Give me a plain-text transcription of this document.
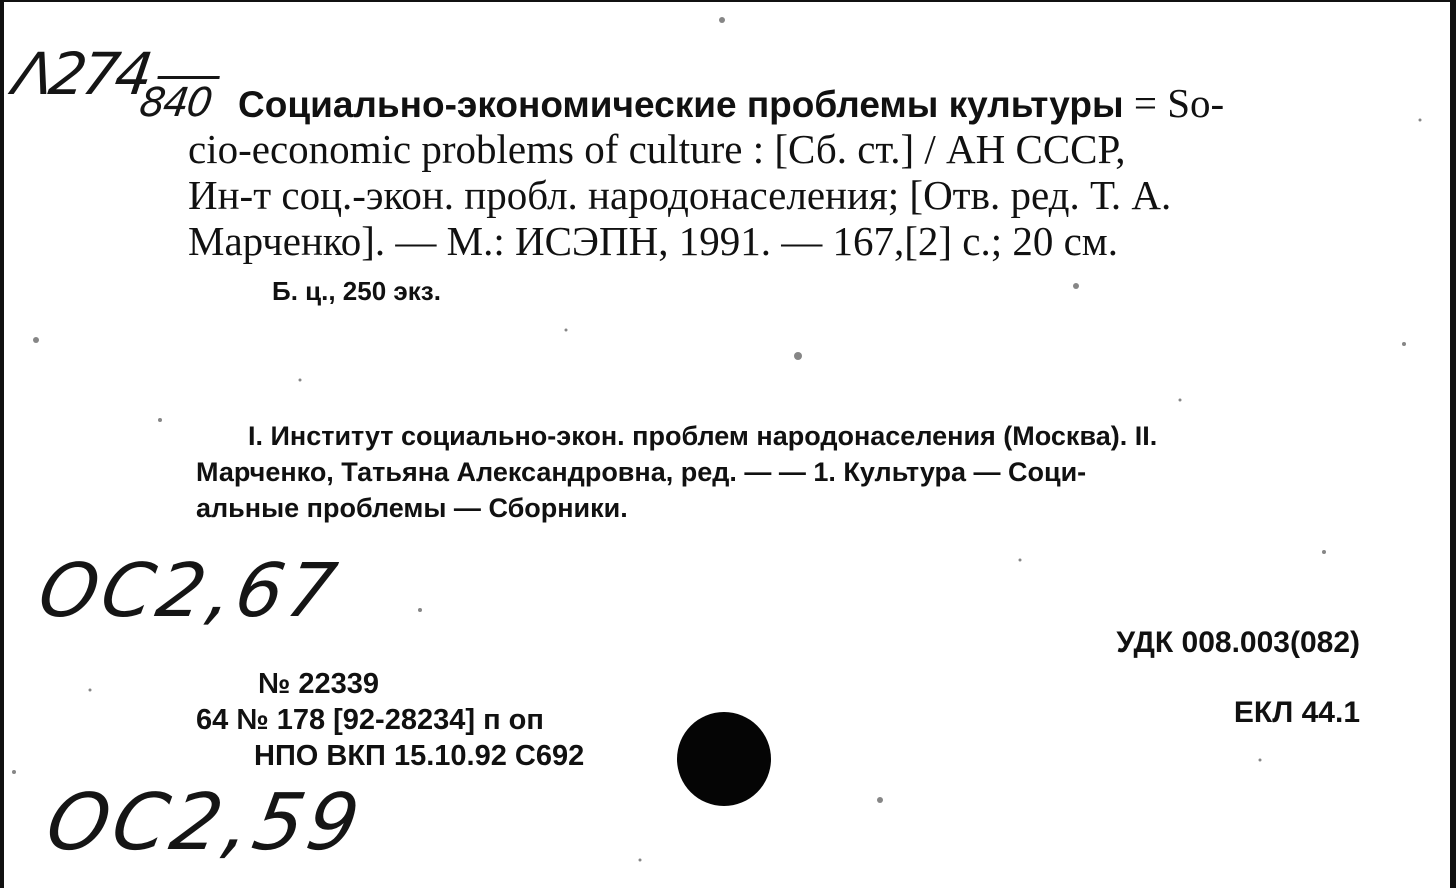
Λ274
840 Социально-экономические проблемы культуры = So-
cio-economic problems of culture : [Сб. ст.] / АН СССР,
Ин-т соц.-экон. пробл. народонаселения; [Отв. ред. Т. А.
Марченко]. — М.: ИСЭПН, 1991. — 167,[2] с.; 20 см.
Б. ц., 250 экз.
I. Институт социально-экон. проблем народонаселения (Москва). II.
Марченко, Татьяна Александровна, ред. — — 1. Культура — Соци-
альные проблемы — Сборники.
OC2,67
УДК 008.003(082)
ЕКЛ 44.1
№ 22339
64 № 178 [92-28234] п оп
НПО ВКП 15.10.92 С692
OC2,59
